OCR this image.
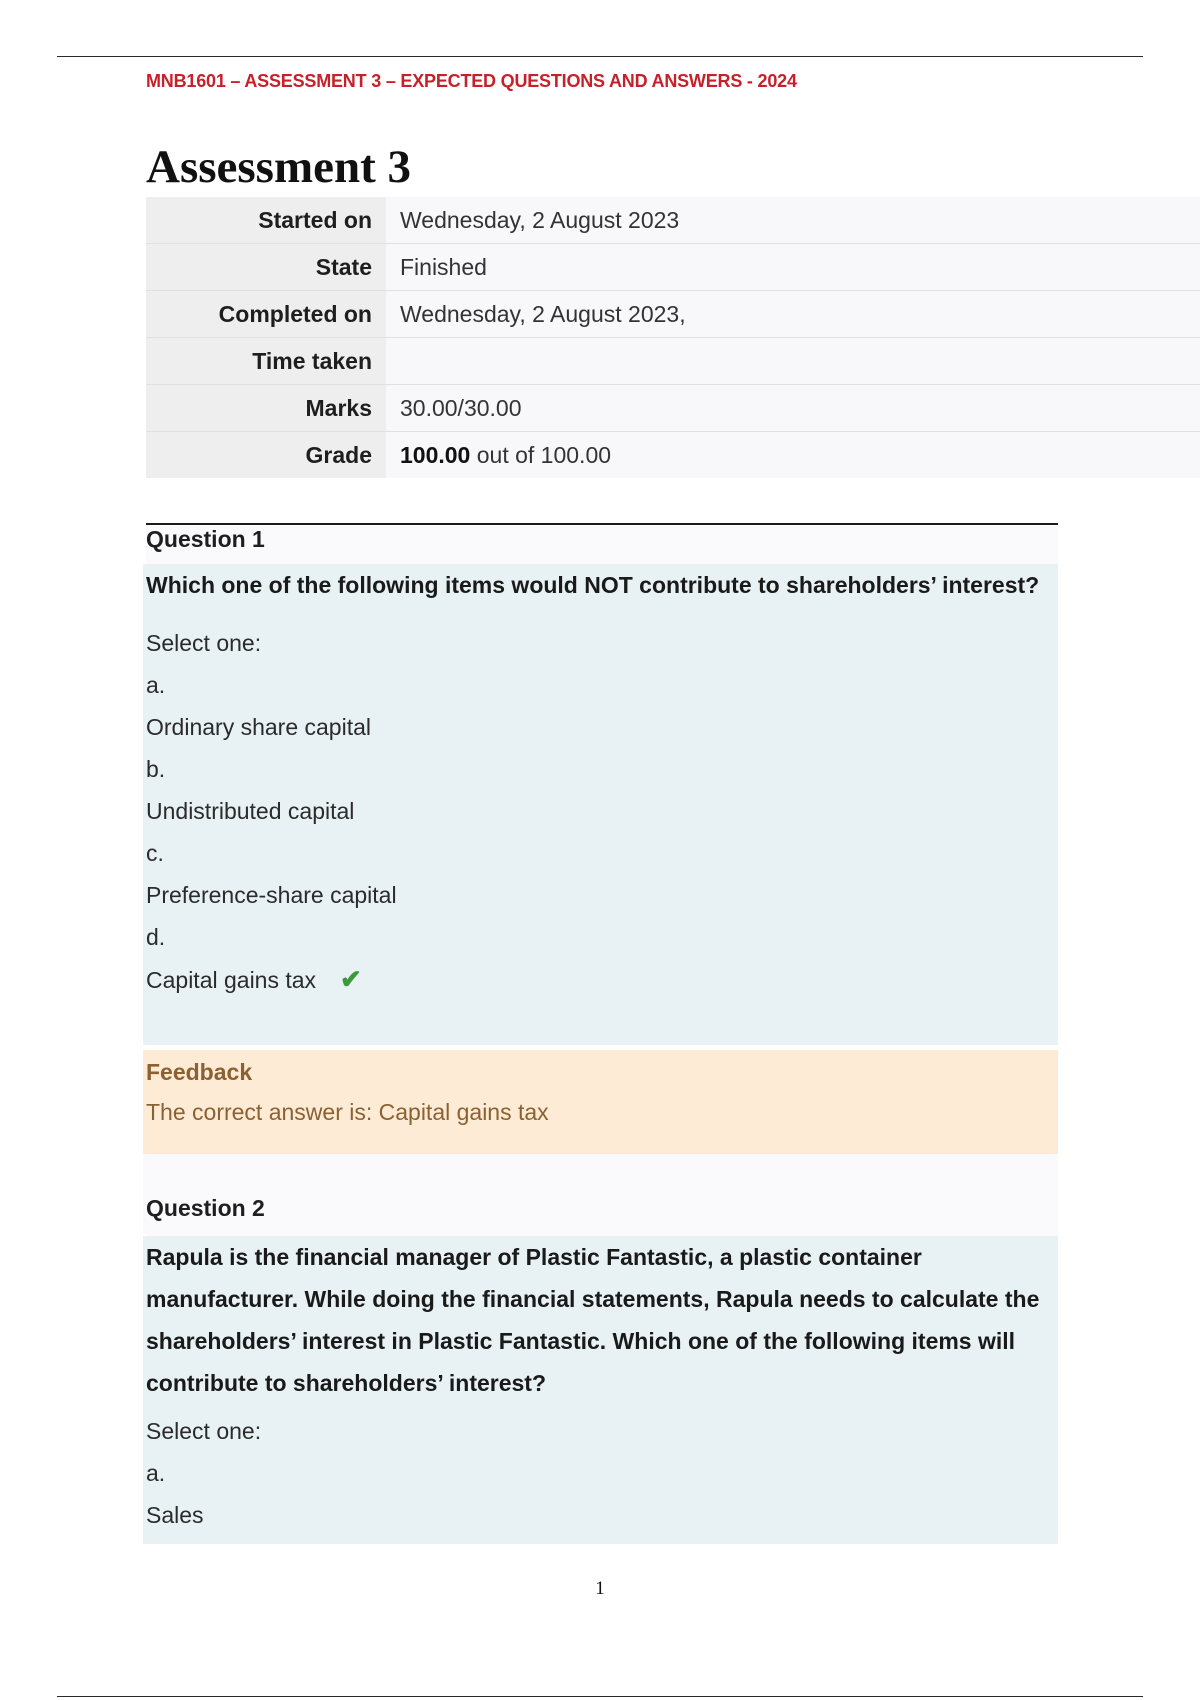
MNB1601 – ASSESSMENT 3 – EXPECTED QUESTIONS AND ANSWERS - 2024
Assessment 3
Started on	Wednesday, 2 August 2023
State	Finished
Completed on	Wednesday, 2 August 2023,
Time taken	
Marks	30.00/30.00
Grade	100.00 out of 100.00
Question 1
Which one of the following items would NOT contribute to shareholders’ interest?
Select one:
a.
Ordinary share capital
b.
Undistributed capital
c.
Preference-share capital
d.
Capital gains tax ✔
Feedback
The correct answer is: Capital gains tax
Question 2
Rapula is the financial manager of Plastic Fantastic, a plastic container manufacturer. While doing the financial statements, Rapula needs to calculate the shareholders’ interest in Plastic Fantastic. Which one of the following items will contribute to shareholders’ interest?
Select one:
a.
Sales
1
